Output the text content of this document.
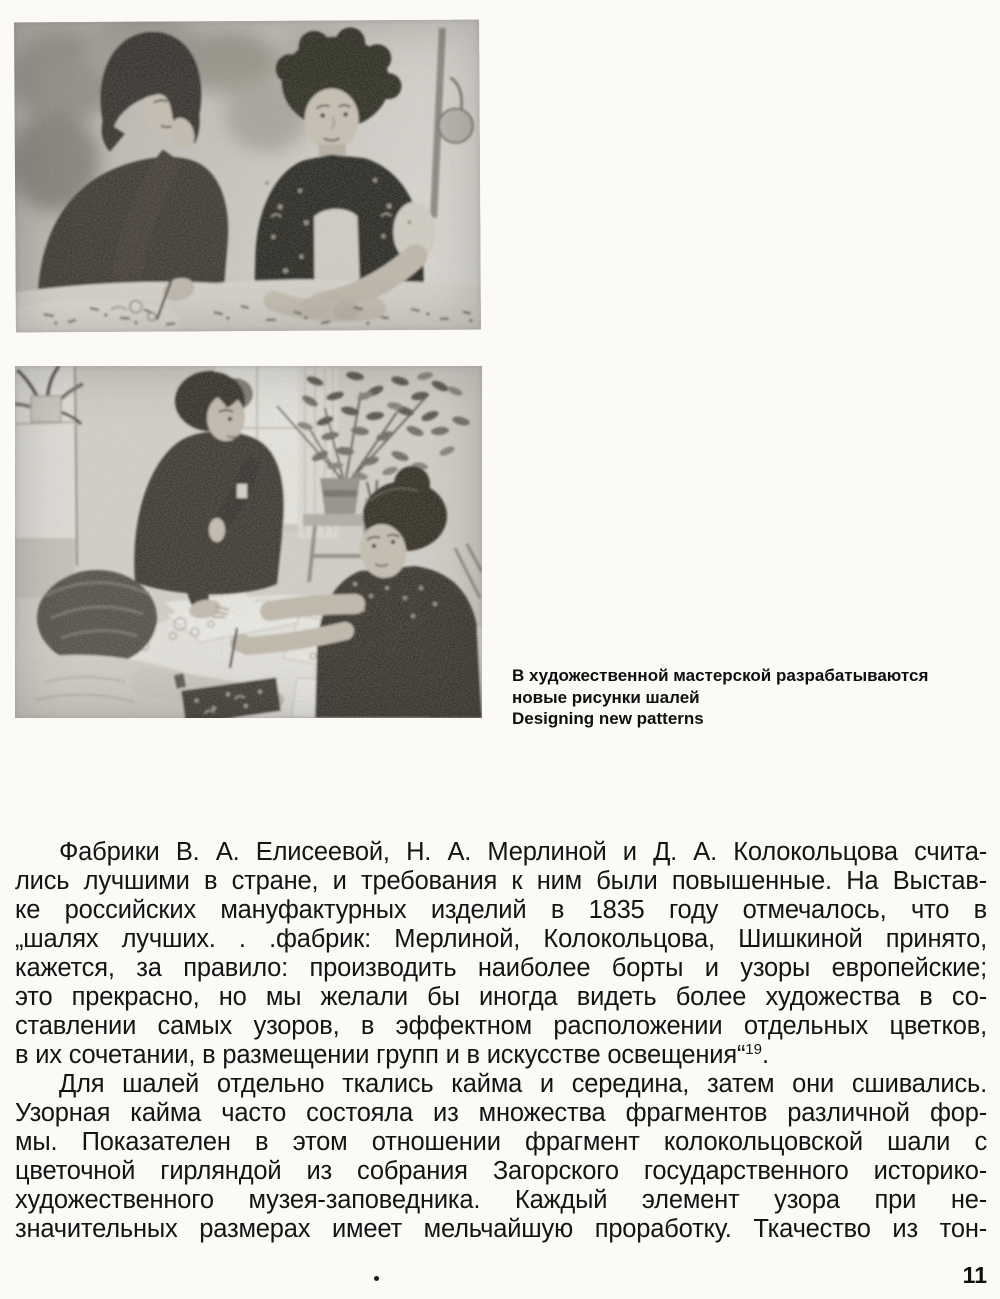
В художественной мастерской разрабатываются
новые рисунки шалей
Designing new patterns
Фабрики В. А. Елисеевой, Н. А. Мерлиной и Д. А. Колокольцова счита-
лись лучшими в стране, и требования к ним были повышенные. На Выстав-
ке российских мануфактурных изделий в 1835 году отмечалось, что в
„шалях лучших. . .фабрик: Мерлиной, Колокольцова, Шишкиной принято,
кажется, за правило: производить наиболее борты и узоры европейские;
это прекрасно, но мы желали бы иногда видеть более художества в со-
ставлении самых узоров, в эффектном расположении отдельных цветков,
в их сочетании, в размещении групп и в искусстве освещения“$^{19}$.
Для шалей отдельно ткались кайма и середина, затем они сшивались.
Узорная кайма часто состояла из множества фрагментов различной фор-
мы. Показателен в этом отношении фрагмент колокольцовской шали с
цветочной гирляндой из собрания Загорского государственного историко-
художественного музея-заповедника. Каждый элемент узора при не-
значительных размерах имеет мельчайшую проработку. Ткачество из тон-
11
